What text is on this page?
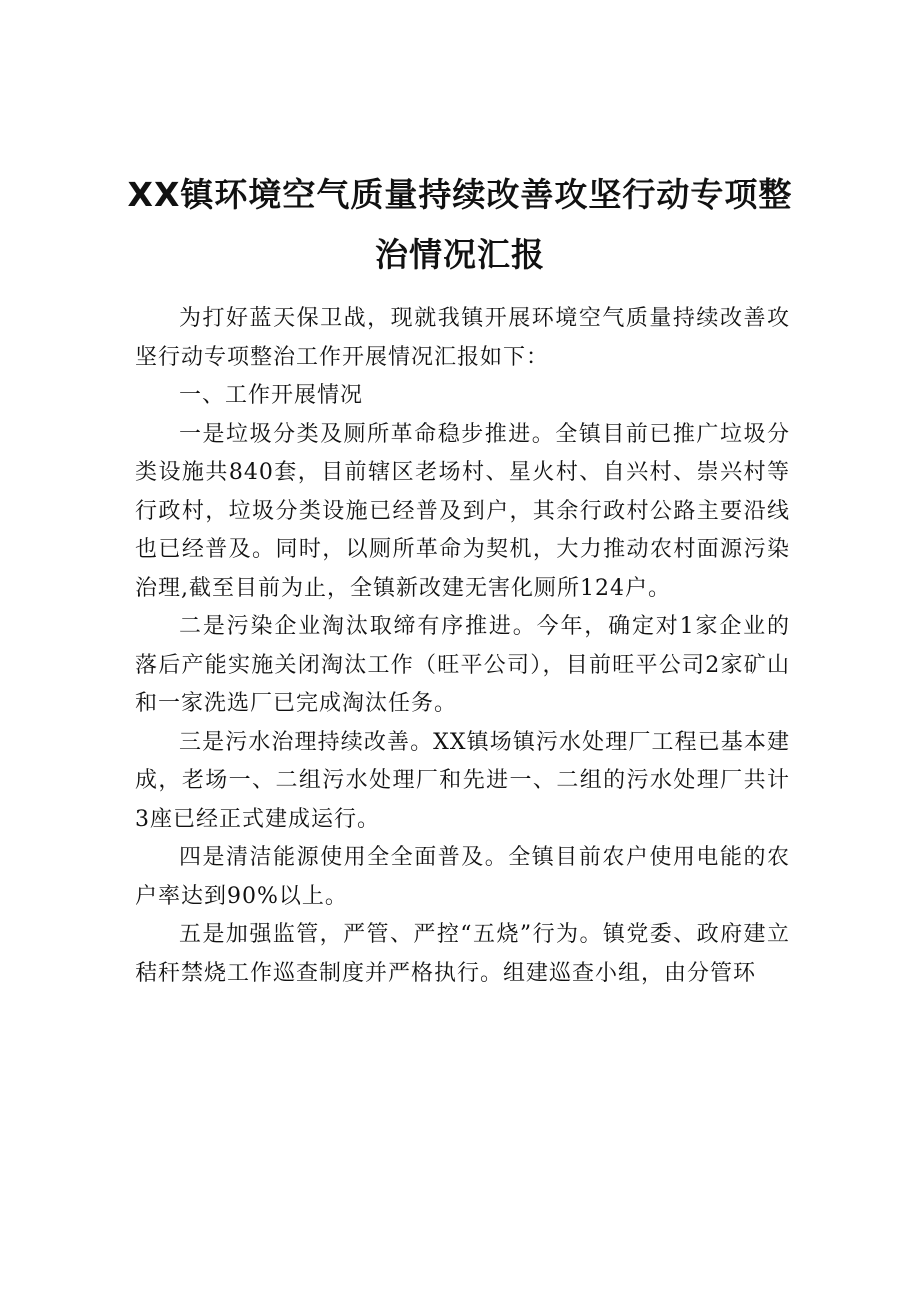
XX镇环境空气质量持续改善攻坚行动专项整
治情况汇报

为打好蓝天保卫战，现就我镇开展环境空气质量持续改善攻坚行动专项整治工作开展情况汇报如下：

一、工作开展情况

一是垃圾分类及厕所革命稳步推进。全镇目前已推广垃圾分类设施共840套，目前辖区老场村、星火村、自兴村、崇兴村等行政村，垃圾分类设施已经普及到户，其余行政村公路主要沿线也已经普及。同时，以厕所革命为契机，大力推动农村面源污染治理,截至目前为止，全镇新改建无害化厕所124户。

二是污染企业淘汰取缔有序推进。今年，确定对1家企业的落后产能实施关闭淘汰工作（旺平公司），目前旺平公司2家矿山和一家洗选厂已完成淘汰任务。

三是污水治理持续改善。XX镇场镇污水处理厂工程已基本建成，老场一、二组污水处理厂和先进一、二组的污水处理厂共计3座已经正式建成运行。

四是清洁能源使用全全面普及。全镇目前农户使用电能的农户率达到90%以上。

五是加强监管，严管、严控“五烧”行为。镇党委、政府建立秸秆禁烧工作巡查制度并严格执行。组建巡查小组，由分管环
